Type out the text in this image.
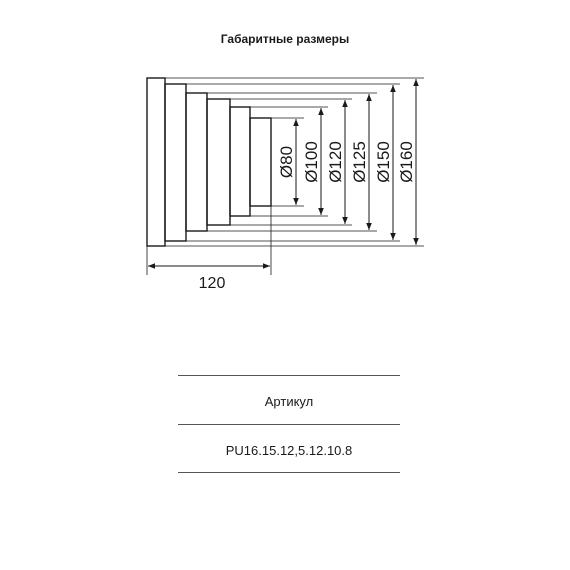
Габаритные размеры
Ø80 Ø100 Ø120 Ø125 Ø150 Ø160
120
Артикул
PU16.15.12,5.12.10.8
